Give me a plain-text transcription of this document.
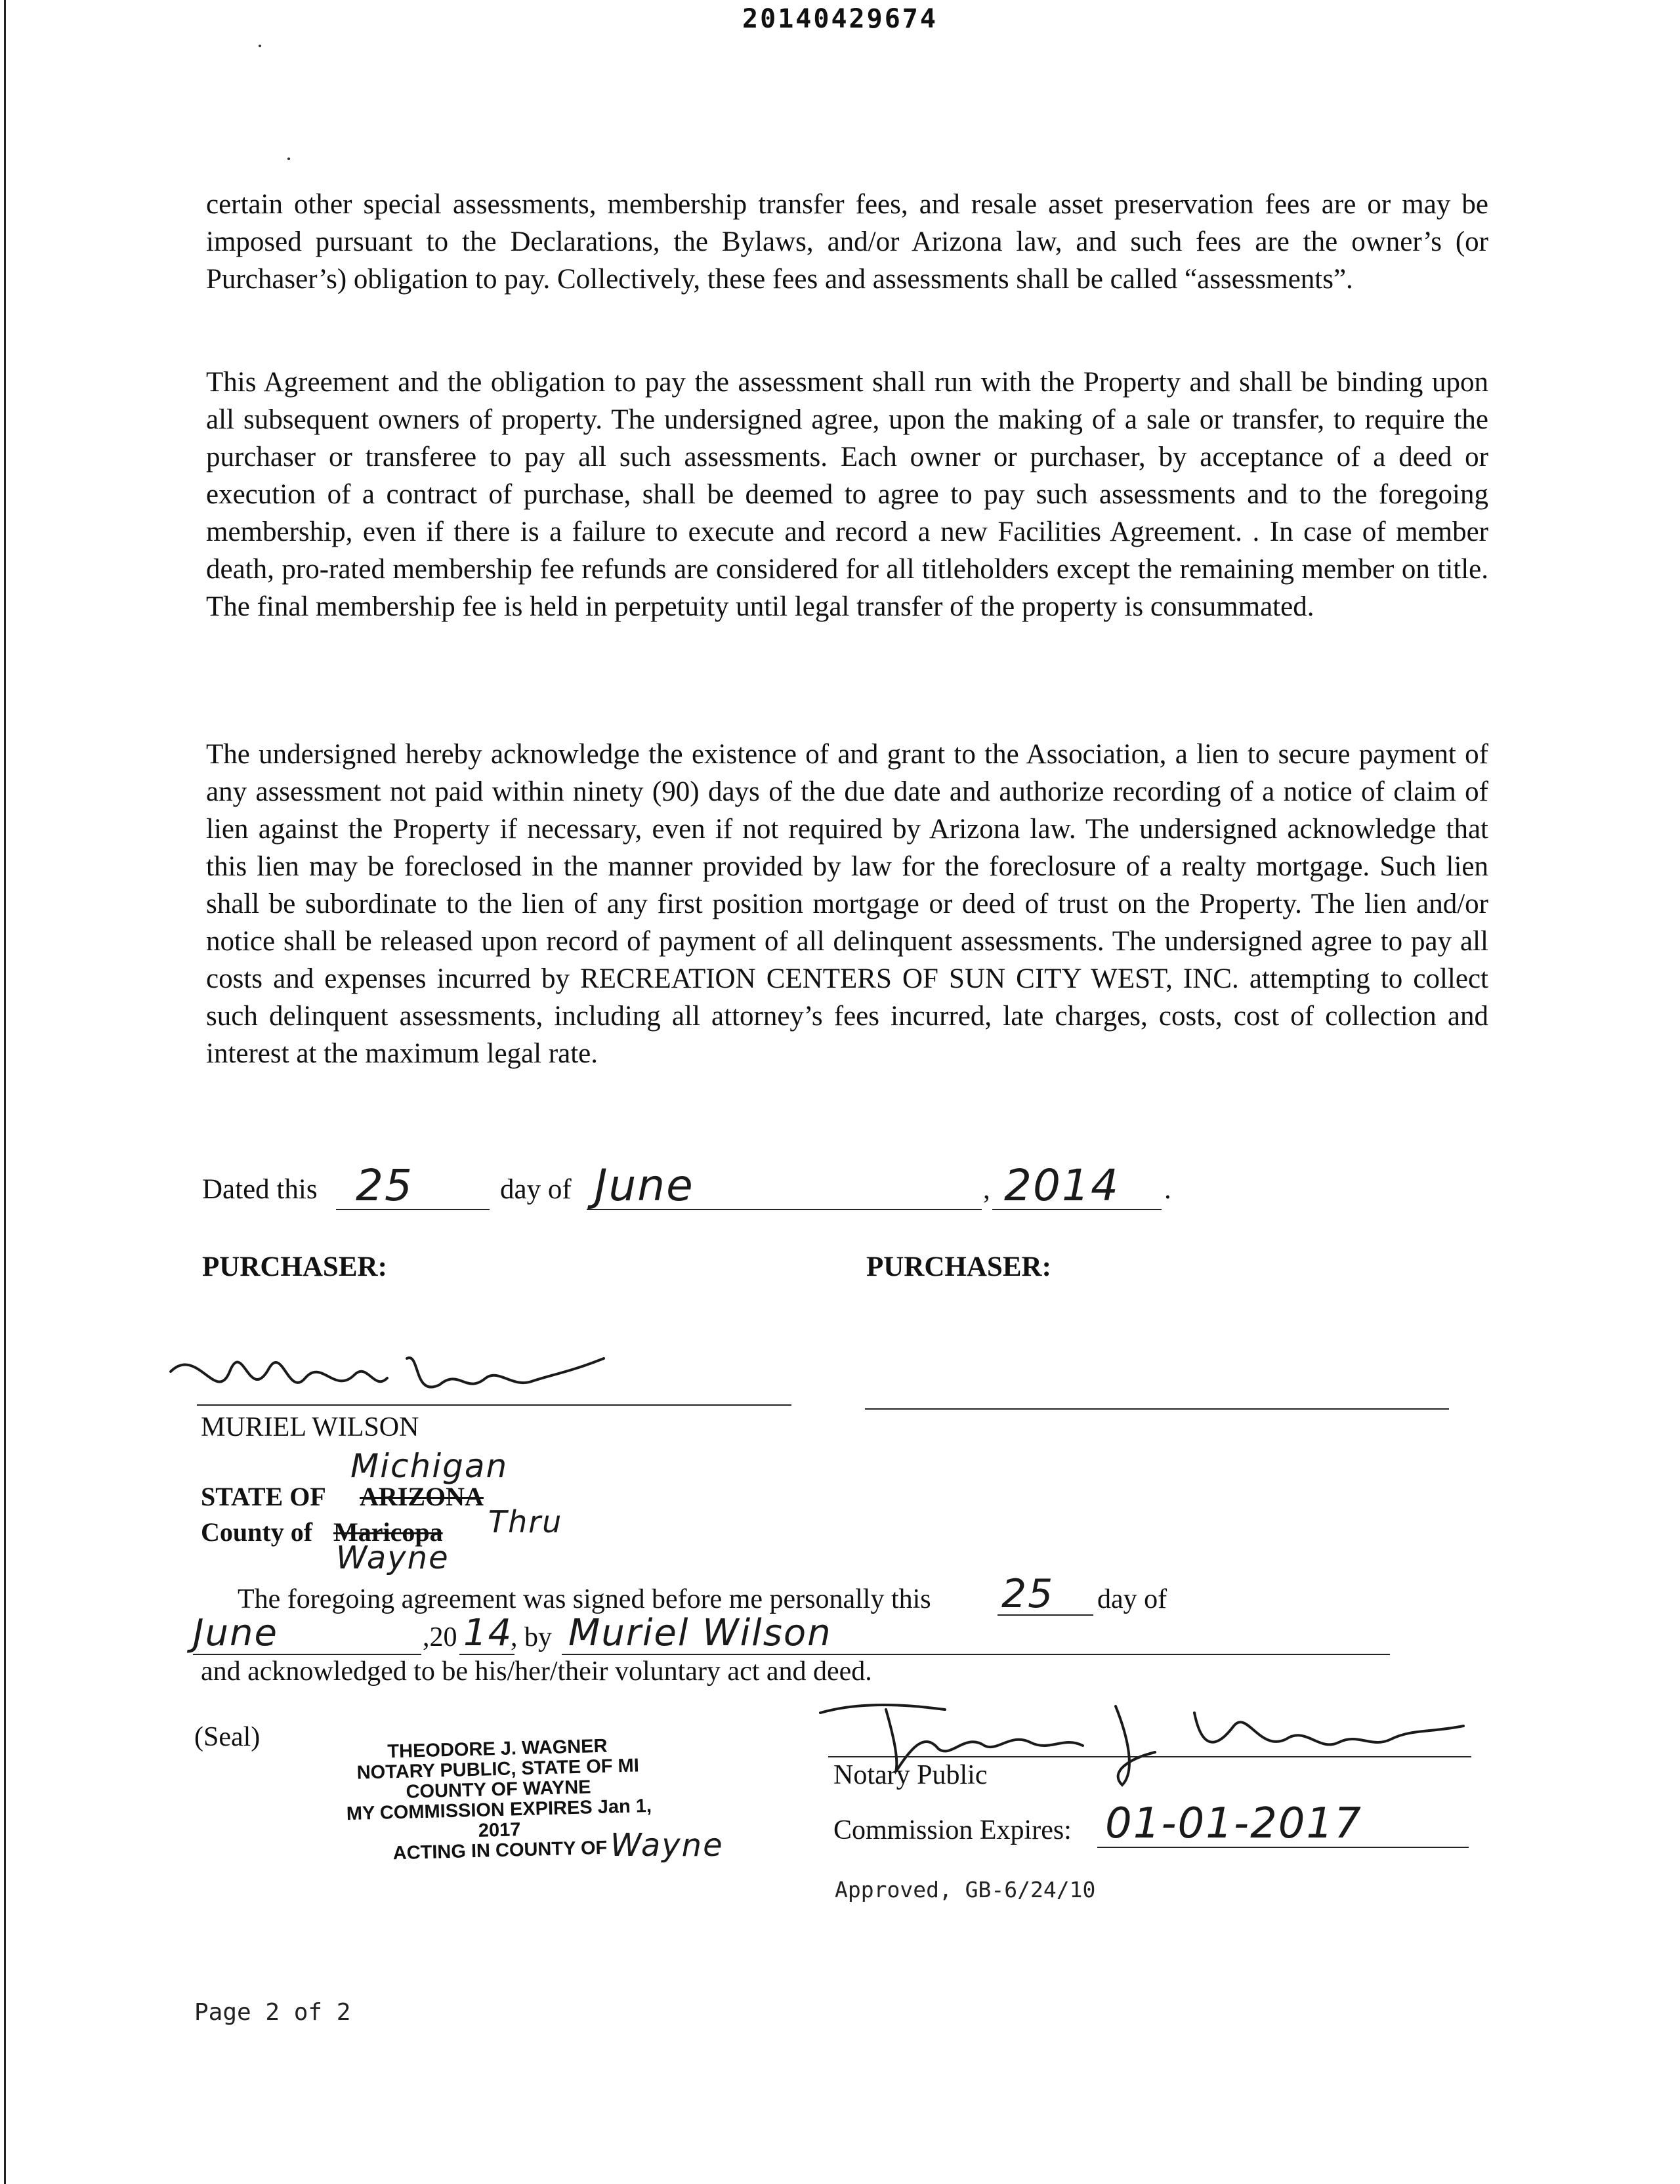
20140429674

certain other special assessments, membership transfer fees, and resale asset preservation fees are or may be imposed pursuant to the Declarations, the Bylaws, and/or Arizona law, and such fees are the owner’s (or Purchaser’s) obligation to pay. Collectively, these fees and assessments shall be called “assessments”.

This Agreement and the obligation to pay the assessment shall run with the Property and shall be binding upon all subsequent owners of property. The undersigned agree, upon the making of a sale or transfer, to require the purchaser or transferee to pay all such assessments. Each owner or purchaser, by acceptance of a deed or execution of a contract of purchase, shall be deemed to agree to pay such assessments and to the foregoing membership, even if there is a failure to execute and record a new Facilities Agreement. . In case of member death, pro-rated membership fee refunds are considered for all titleholders except the remaining member on title. The final membership fee is held in perpetuity until legal transfer of the property is consummated.

The undersigned hereby acknowledge the existence of and grant to the Association, a lien to secure payment of any assessment not paid within ninety (90) days of the due date and authorize recording of a notice of claim of lien against the Property if necessary, even if not required by Arizona law. The undersigned acknowledge that this lien may be foreclosed in the manner provided by law for the foreclosure of a realty mortgage. Such lien shall be subordinate to the lien of any first position mortgage or deed of trust on the Property. The lien and/or notice shall be released upon record of payment of all delinquent assessments. The undersigned agree to pay all costs and expenses incurred by RECREATION CENTERS OF SUN CITY WEST, INC. attempting to collect such delinquent assessments, including all attorney’s fees incurred, late charges, costs, cost of collection and interest at the maximum legal rate.

Dated this 25	day of June	, 2014 .
PURCHASER:	PURCHASER:
MURIEL WILSON
Michigan
STATE OF ARIZONA
County of Maricopa Thru
Wayne
The foregoing agreement was signed before me personally this 25 day of
June	,20 14
, by Muriel Wilson
and acknowledged to be his/her/their voluntary act and deed.
(Seal)	THEODORE J. WAGNER
NOTARY PUBLIC, STATE OF MI
COUNTY OF WAYNE
MY COMMISSION EXPIRES Jan 1, 2017
ACTING IN COUNTY OF Wayne
Notary Public
Commission Expires: 01-01-2017
Approved, GB-6/24/10
Page 2 of 2
